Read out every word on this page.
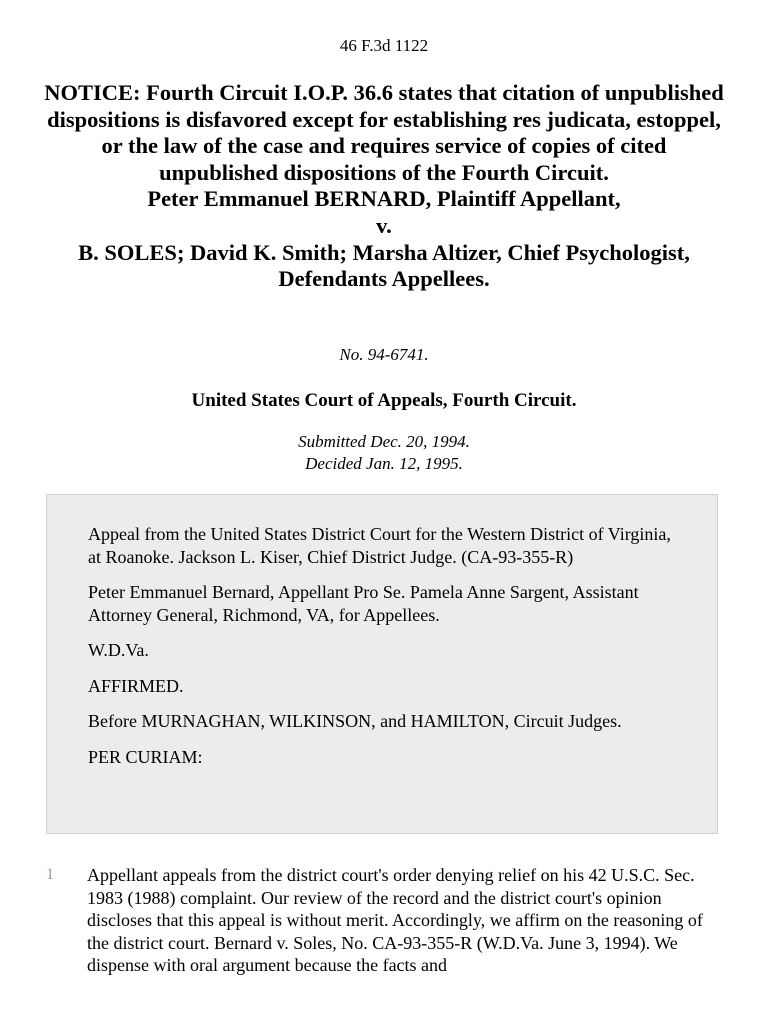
46 F.3d 1122
NOTICE: Fourth Circuit I.O.P. 36.6 states that citation of unpublished dispositions is disfavored except for establishing res judicata, estoppel, or the law of the case and requires service of copies of cited unpublished dispositions of the Fourth Circuit.
Peter Emmanuel BERNARD, Plaintiff Appellant,
v.
B. SOLES; David K. Smith; Marsha Altizer, Chief Psychologist, Defendants Appellees.
No. 94-6741.
United States Court of Appeals, Fourth Circuit.
Submitted Dec. 20, 1994.
Decided Jan. 12, 1995.

Appeal from the United States District Court for the Western District of Virginia, at Roanoke. Jackson L. Kiser, Chief District Judge. (CA-93-355-R)

Peter Emmanuel Bernard, Appellant Pro Se. Pamela Anne Sargent, Assistant Attorney General, Richmond, VA, for Appellees.

W.D.Va.

AFFIRMED.

Before MURNAGHAN, WILKINSON, and HAMILTON, Circuit Judges.

PER CURIAM:

1	Appellant appeals from the district court's order denying relief on his 42 U.S.C. Sec. 1983 (1988) complaint. Our review of the record and the district court's opinion discloses that this appeal is without merit. Accordingly, we affirm on the reasoning of the district court. Bernard v. Soles, No. CA-93-355-R (W.D.Va. June 3, 1994). We dispense with oral argument because the facts and
